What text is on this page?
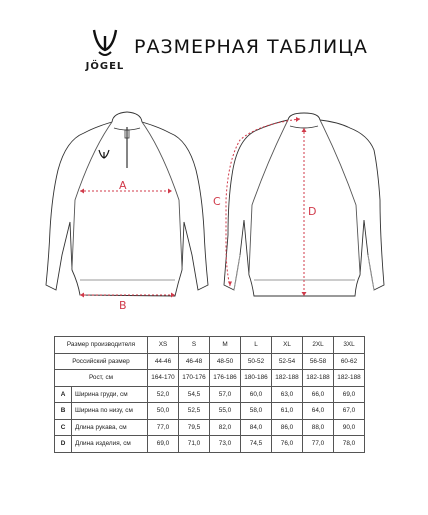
JÖGEL
РАЗМЕРНАЯ ТАБЛИЦА
A
B
C
D
Размер производителя		XS	S	M	L	XL	2XL	3XL
Российский размер		44-46	46-48	48-50	50-52	52-54	56-58	60-62
Рост, см		164-170	170-176	176-186	180-186	182-188	182-188	182-188
A	Ширина груди, см	52,0	54,5	57,0	60,0	63,0	66,0	69,0
B	Ширина по низу, см	50,0	52,5	55,0	58,0	61,0	64,0	67,0
C	Длина рукава, см	77,0	79,5	82,0	84,0	86,0	88,0	90,0
D	Длина изделия, см	69,0	71,0	73,0	74,5	76,0	77,0	78,0
